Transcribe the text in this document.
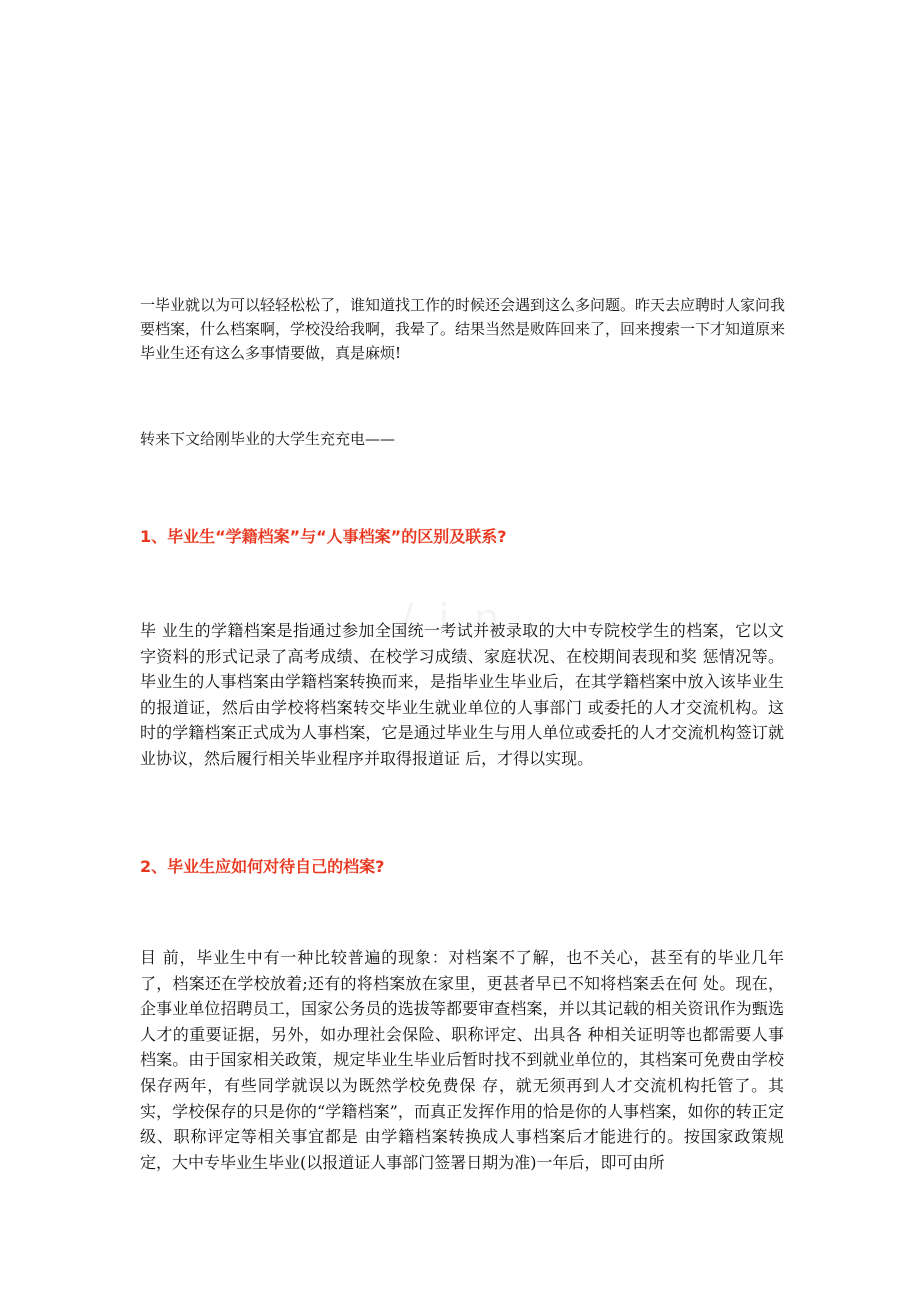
一毕业就以为可以轻轻松松了，谁知道找工作的时候还会遇到这么多问题。昨天去应聘时人家问我要档案，什么档案啊，学校没给我啊，我晕了。结果当然是败阵回来了，回来搜索一下才知道原来毕业生还有这么多事情要做，真是麻烦!

转来下文给刚毕业的大学生充充电——

1、毕业生“学籍档案”与“人事档案”的区别及联系?

毕 业生的学籍档案是指通过参加全国统一考试并被录取的大中专院校学生的档案，它以文字资料的形式记录了高考成绩、在校学习成绩、家庭状况、在校期间表现和奖 惩情况等。毕业生的人事档案由学籍档案转换而来，是指毕业生毕业后，在其学籍档案中放入该毕业生的报道证，然后由学校将档案转交毕业生就业单位的人事部门 或委托的人才交流机构。这时的学籍档案正式成为人事档案，它是通过毕业生与用人单位或委托的人才交流机构签订就业协议，然后履行相关毕业程序并取得报道证 后，才得以实现。

2、毕业生应如何对待自己的档案?

目 前，毕业生中有一种比较普遍的现象：对档案不了解，也不关心，甚至有的毕业几年了，档案还在学校放着;还有的将档案放在家里，更甚者早已不知将档案丢在何 处。现在，企事业单位招聘员工，国家公务员的选拔等都要审查档案，并以其记载的相关资讯作为甄选人才的重要证据，另外，如办理社会保险、职称评定、出具各 种相关证明等也都需要人事档案。由于国家相关政策，规定毕业生毕业后暂时找不到就业单位的，其档案可免费由学校保存两年，有些同学就误以为既然学校免费保 存，就无须再到人才交流机构托管了。其实，学校保存的只是你的“学籍档案”，而真正发挥作用的恰是你的人事档案，如你的转正定级、职称评定等相关事宜都是 由学籍档案转换成人事档案后才能进行的。按国家政策规定，大中专毕业生毕业(以报道证人事部门签署日期为准)一年后，即可由所
